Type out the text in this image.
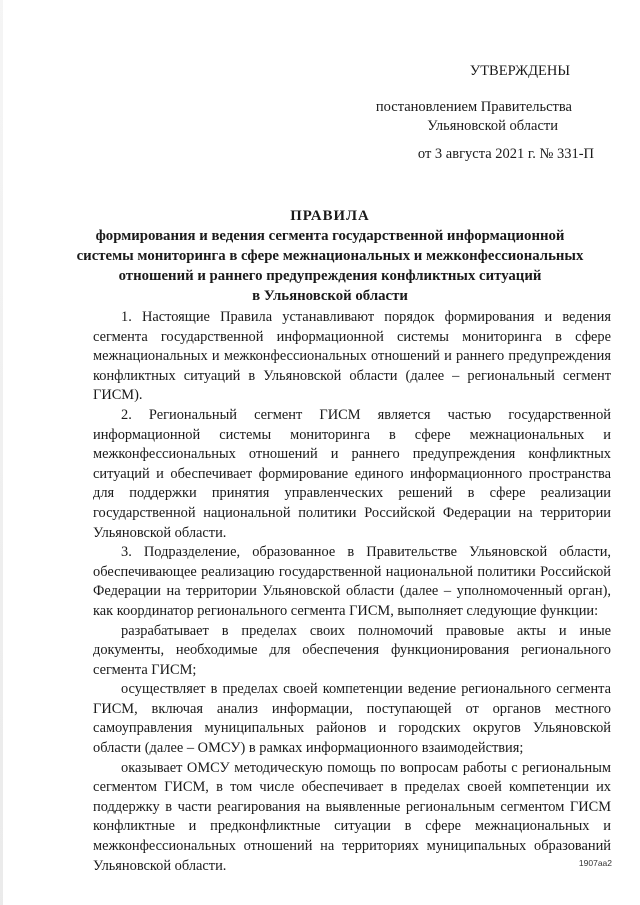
УТВЕРЖДЕНЫ
постановлением Правительства
Ульяновской области
от 3 августа 2021 г. № 331-П
ПРАВИЛА
формирования и ведения сегмента государственной информационной
системы мониторинга в сфере межнациональных и межконфессиональных
отношений и раннего предупреждения конфликтных ситуаций
в Ульяновской области

1. Настоящие Правила устанавливают порядок формирования и ведения сегмента государственной информационной системы мониторинга в сфере межнациональных и межконфессиональных отношений и раннего предупреждения конфликтных ситуаций в Ульяновской области (далее – региональный сегмент ГИСМ).

2. Региональный сегмент ГИСМ является частью государственной информационной системы мониторинга в сфере межнациональных и межконфессиональных отношений и раннего предупреждения конфликтных ситуаций и обеспечивает формирование единого информационного пространства для поддержки принятия управленческих решений в сфере реализации государственной национальной политики Российской Федерации на территории Ульяновской области.

3. Подразделение, образованное в Правительстве Ульяновской области, обеспечивающее реализацию государственной национальной политики Российской Федерации на территории Ульяновской области (далее – уполномоченный орган), как координатор регионального сегмента ГИСМ, выполняет следующие функции:

разрабатывает в пределах своих полномочий правовые акты и иные документы, необходимые для обеспечения функционирования регионального сегмента ГИСМ;

осуществляет в пределах своей компетенции ведение регионального сегмента ГИСМ, включая анализ информации, поступающей от органов местного самоуправления муниципальных районов и городских округов Ульяновской области (далее – ОМСУ) в рамках информационного взаимодействия;

оказывает ОМСУ методическую помощь по вопросам работы с региональным сегментом ГИСМ, в том числе обеспечивает в пределах своей компетенции их поддержку в части реагирования на выявленные региональным сегментом ГИСМ конфликтные и предконфликтные ситуации в сфере межнациональных и межконфессиональных отношений на территориях муниципальных образований Ульяновской области.	1907aa2
